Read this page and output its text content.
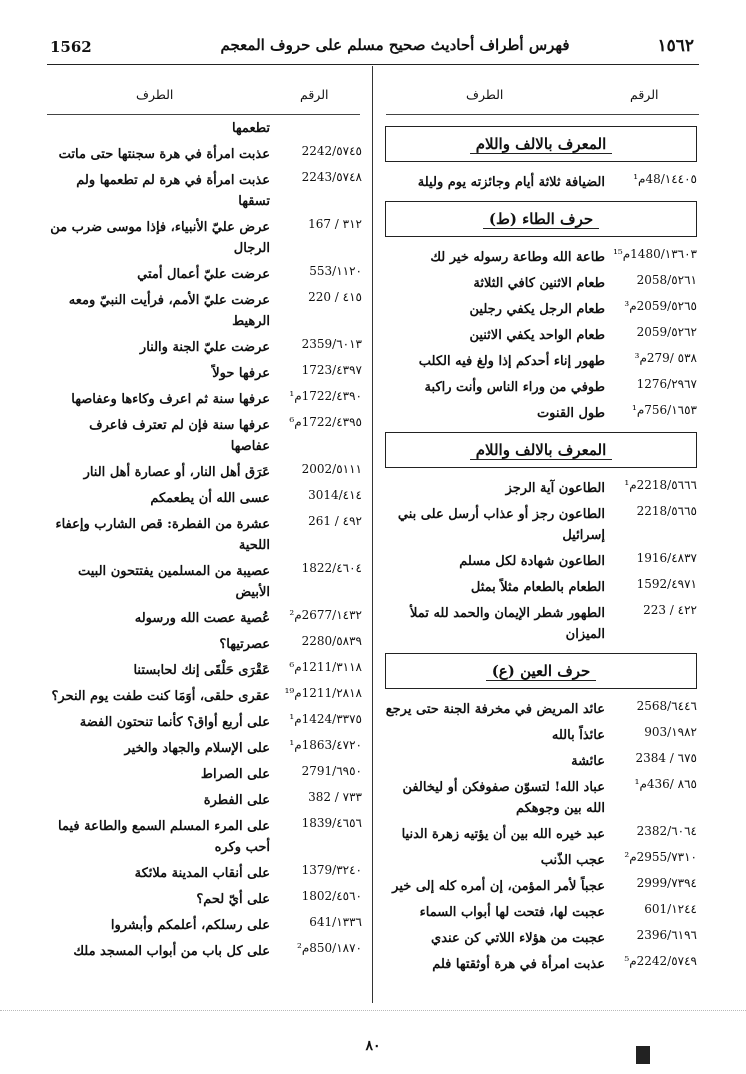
1562	فهرس أطراف أحاديث صحيح مسلم على حروف المعجم	١٥٦٢
الرقم
الطرف
الرقم
الطرف
المعرف بالالف واللام
١٤٤٠٥/48م¹
الضيافة ثلاثة أيام وجائزته يوم وليلة
حرف الطاء (ط)
١٣٦٠٣/1480م¹⁵
طاعة الله وطاعة رسوله خير لك
٥٢٦١/2058
طعام الاثنين كافي الثلاثة
٥٢٦٥/2059م³
طعام الرجل يكفي رجلين
٥٢٦٢/2059
طعام الواحد يكفي الاثنين
٥٣٨ /279م³
طهور إناء أحدكم إذا ولغ فيه الكلب
٢٩٦٧/1276
طوفي من وراء الناس وأنت راكبة
١٦٥٣/756م¹
طول القنوت
المعرف بالالف واللام
٥٦٦٦/2218م¹
الطاعون آية الرجز
٥٦٦٥/2218
الطاعون رجز أو عذاب أرسل على بني إسرائيل
٤٨٣٧/1916
الطاعون شهادة لكل مسلم
٤٩٧١/1592
الطعام بالطعام مثلاً بمثل
٤٢٢ / 223
الطهور شطر الإيمان والحمد لله تملأ الميزان
حرف العين (ع)
٦٤٤٦/2568
عائد المريض في مخرفة الجنة حتى يرجع
١٩٨٢/903
عائذاً بالله
٦٧٥ / 2384
عائشة
٨٦٥ /436م¹
عباد الله! لتسوّن صفوفكن أو ليخالفن الله بين وجوهكم
٦٠٦٤/2382
عبد خيره الله بين أن يؤتيه زهرة الدنيا
٧٣١٠/2955م²
عجب الذّنب
٧٣٩٤/2999
عجباً لأمر المؤمن، إن أمره كله إلى خير
١٢٤٤/601
عجبت لها، فتحت لها أبواب السماء
٦١٩٦/2396
عجبت من هؤلاء اللاتي كن عندي
٥٧٤٩/2242م⁵
عذبت امرأة في هرة أوثقتها فلم
تطعمها
٥٧٤٥/2242
عذبت امرأة في هرة سجنتها حتى ماتت
٥٧٤٨/2243
عذبت امرأة في هرة لم تطعمها ولم تسقها
٣١٢ / 167
عرض عليّ الأنبياء، فإذا موسى ضرب من الرجال
١١٢٠/553
عرضت عليّ أعمال أمتي
٤١٥ / 220
عرضت عليّ الأمم، فرأيت النبيّ ومعه الرهيط
٦٠١٣/2359
عرضت عليّ الجنة والنار
٤٣٩٧/1723
عرفها حولاً
٤٣٩٠/1722م¹
عرفها سنة ثم اعرف وكاءها وعفاصها
٤٣٩٥/1722م⁶
عرفها سنة فإن لم تعترف فاعرف عفاصها
٥١١١/2002
عَرَق أهل النار، أو عصارة أهل النار
٤١٤/3014
عسى الله أن يطعمكم
٤٩٢ / 261
عشرة من الفطرة: قص الشارب وإعفاء اللحية
٤٦٠٤/1822
عصيبة من المسلمين يفتتحون البيت الأبيض
١٤٣٢/2677م²
عُصية عصت الله ورسوله
٥٨٣٩/2280
عصرتيها؟
٣١١٨/1211م⁶
عَقْرَى حَلْقَى إنك لحابستنا
٢٨١٨/1211م¹⁹
عقرى حلقى، أوَمَا كنت طفت يوم النحر؟
٣٣٧٥/1424م¹
على أربع أواق؟ كأنما تنحتون الفضة
٤٧٢٠/1863م¹
على الإسلام والجهاد والخير
٦٩٥٠/2791
على الصراط
٧٣٣ / 382
على الفطرة
٤٦٥٦/1839
على المرء المسلم السمع والطاعة فيما أحب وكره
٣٢٤٠/1379
على أنقاب المدينة ملائكة
٤٥٦٠/1802
على أيّ لحم؟
١٣٣٦/641
على رسلكم، أعلمكم وأبشروا
١٨٧٠/850م²
على كل باب من أبواب المسجد ملك
٨٠
